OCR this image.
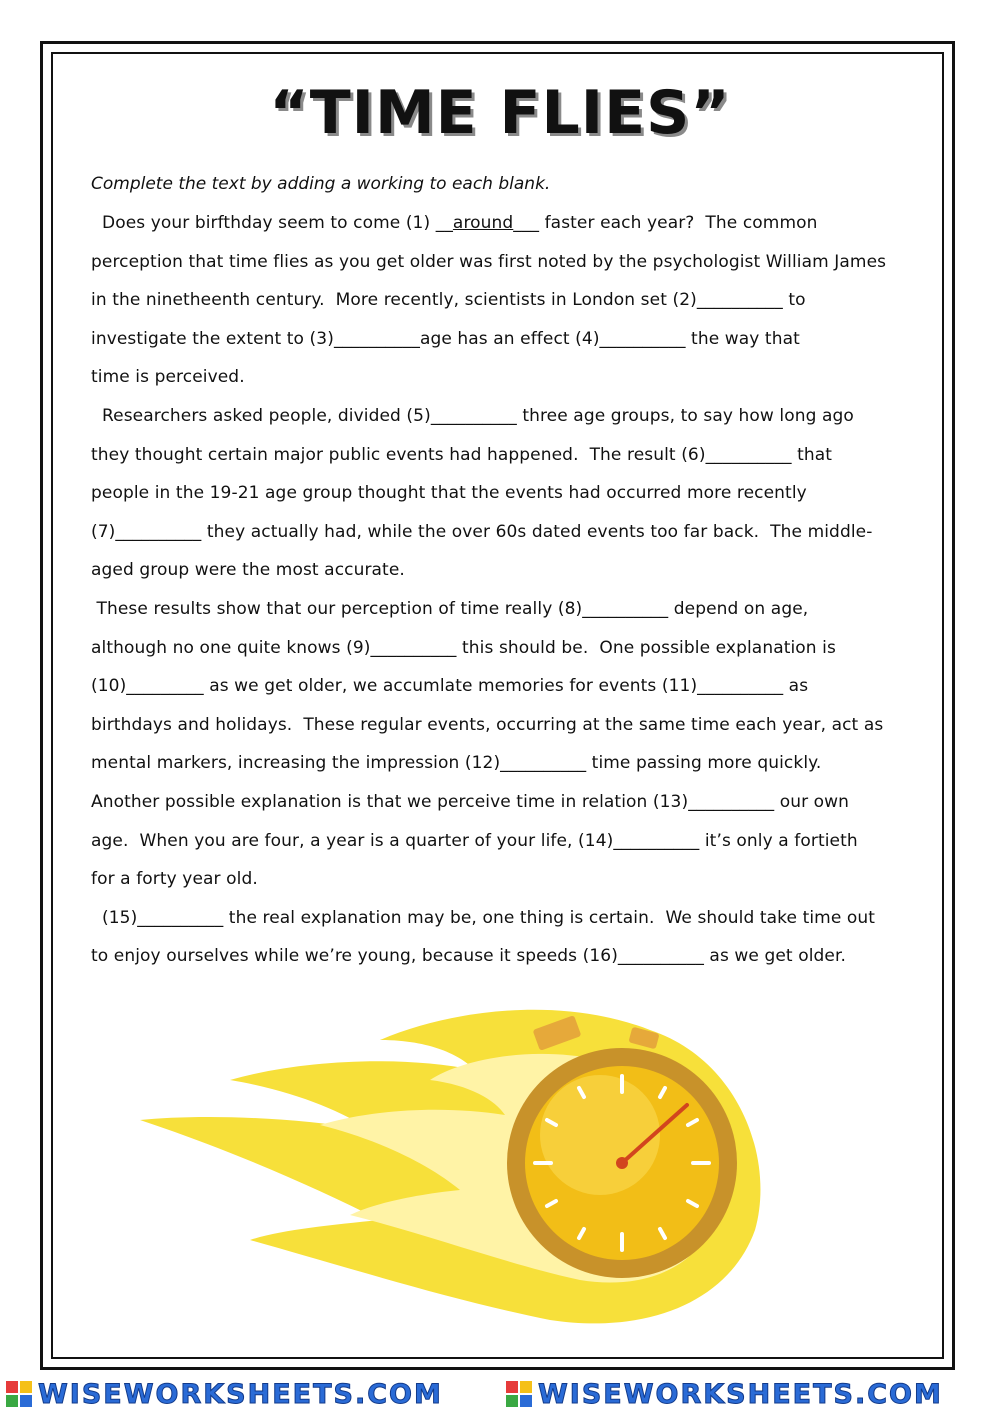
“TIME FLIES”
Complete the text by adding a working to each blank.
Does your birfthday seem to come (1) __around___ faster each year?  The common
perception that time flies as you get older was first noted by the psychologist William James
in the ninetheenth century.  More recently, scientists in London set (2)__________ to
investigate the extent to (3)__________age has an effect (4)__________ the way that
time is perceived.
Researchers asked people, divided (5)__________ three age groups, to say how long ago
they thought certain major public events had happened.  The result (6)__________ that
people in the 19-21 age group thought that the events had occurred more recently
(7)__________ they actually had, while the over 60s dated events too far back.  The middle-
aged group were the most accurate.
These results show that our perception of time really (8)__________ depend on age,
although no one quite knows (9)__________ this should be.  One possible explanation is
(10)_________ as we get older, we accumlate memories for events (11)__________ as
birthdays and holidays.  These regular events, occurring at the same time each year, act as
mental markers, increasing the impression (12)__________ time passing more quickly.
Another possible explanation is that we perceive time in relation (13)__________ our own
age.  When you are four, a year is a quarter of your life, (14)__________ it’s only a fortieth
for a forty year old.
(15)__________ the real explanation may be, one thing is certain.  We should take time out
to enjoy ourselves while we’re young, because it speeds (16)__________ as we get older.
WISEWORKSHEETS.COM	WISEWORKSHEETS.COM
